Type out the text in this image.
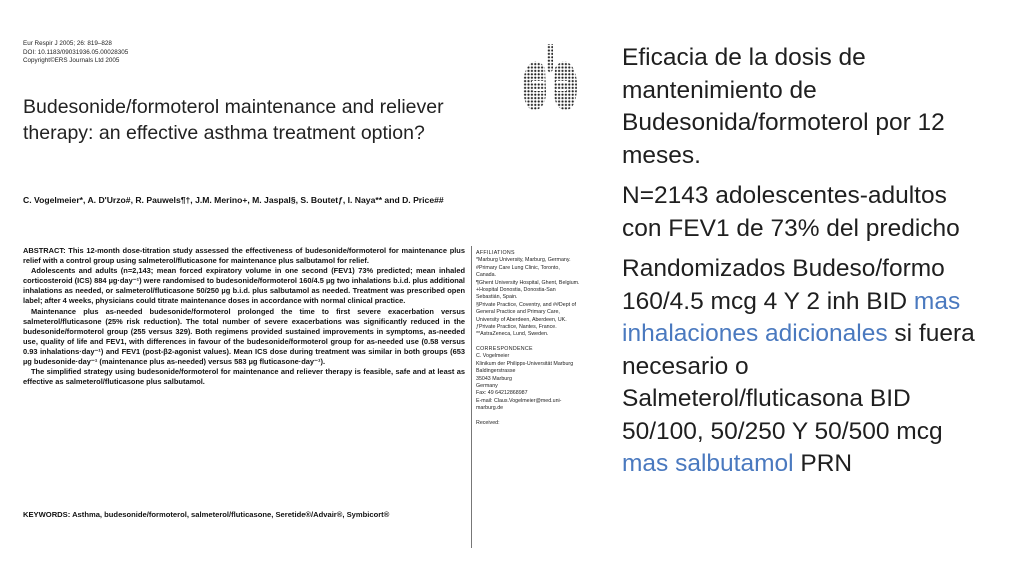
Eur Respir J 2005; 26: 819–828
DOI: 10.1183/09031936.05.00028305
Copyright©ERS Journals Ltd 2005
Budesonide/formoterol maintenance and reliever therapy: an effective asthma treatment option?
C. Vogelmeier*, A. D'Urzo#, R. Pauwels¶†, J.M. Merino+, M. Jaspal§, S. Boutetƒ, I. Naya** and D. Price##

ABSTRACT: This 12-month dose-titration study assessed the effectiveness of budesonide/formoterol for maintenance plus relief with a control group using salmeterol/fluticasone for maintenance plus salbutamol for relief.

Adolescents and adults (n=2,143; mean forced expiratory volume in one second (FEV1) 73% predicted; mean inhaled corticosteroid (ICS) 884 µg·day⁻¹) were randomised to budesonide/formoterol 160/4.5 µg two inhalations b.i.d. plus additional inhalations as needed, or salmeterol/fluticasone 50/250 µg b.i.d. plus salbutamol as needed. Treatment was prescribed open label; after 4 weeks, physicians could titrate maintenance doses in accordance with normal clinical practice.

Maintenance plus as-needed budesonide/formoterol prolonged the time to first severe exacerbation versus salmeterol/fluticasone (25% risk reduction). The total number of severe exacerbations was significantly reduced in the budesonide/formoterol group (255 versus 329). Both regimens provided sustained improvements in symptoms, as-needed use, quality of life and FEV1, with differences in favour of the budesonide/formoterol group for as-needed use (0.58 versus 0.93 inhalations·day⁻¹) and FEV1 (post-β2-agonist values). Mean ICS dose during treatment was similar in both groups (653 µg budesonide·day⁻¹ (maintenance plus as-needed) versus 583 µg fluticasone·day⁻¹).

The simplified strategy using budesonide/formoterol for maintenance and reliever therapy is feasible, safe and at least as effective as salmeterol/fluticasone plus salbutamol.

AFFILIATIONS

*Marburg University, Marburg, Germany.

#Primary Care Lung Clinic, Toronto, Canada.

¶Ghent University Hospital, Ghent, Belgium.

+Hospital Donostia, Donostia-San Sebastián, Spain.

§Private Practice, Coventry, and ##Dept of General Practice and Primary Care, University of Aberdeen, Aberdeen, UK.

ƒPrivate Practice, Nantes, France.

**AstraZeneca, Lund, Sweden.

CORRESPONDENCE

C. Vogelmeier

Klinikum der Philipps-Universität Marburg

Baldingerstrasse

35043 Marburg

Germany

Fax: 49 64212868987

E-mail: Claus.Vogelmeier@med.uni-marburg.de

Received:

KEYWORDS: Asthma, budesonide/formoterol, salmeterol/fluticasone, Seretide®/Advair®, Symbicort®

Eficacia de la dosis de mantenimiento de Budesonida/formoterol por 12 meses.

N=2143 adolescentes-adultos con FEV1 de 73% del predicho

Randomizados Budeso/formo 160/4.5 mcg 4 Y 2 inh BID mas inhalaciones adicionales si fuera necesario o Salmeterol/fluticasona BID 50/100, 50/250 Y 50/500 mcg mas salbutamol PRN
